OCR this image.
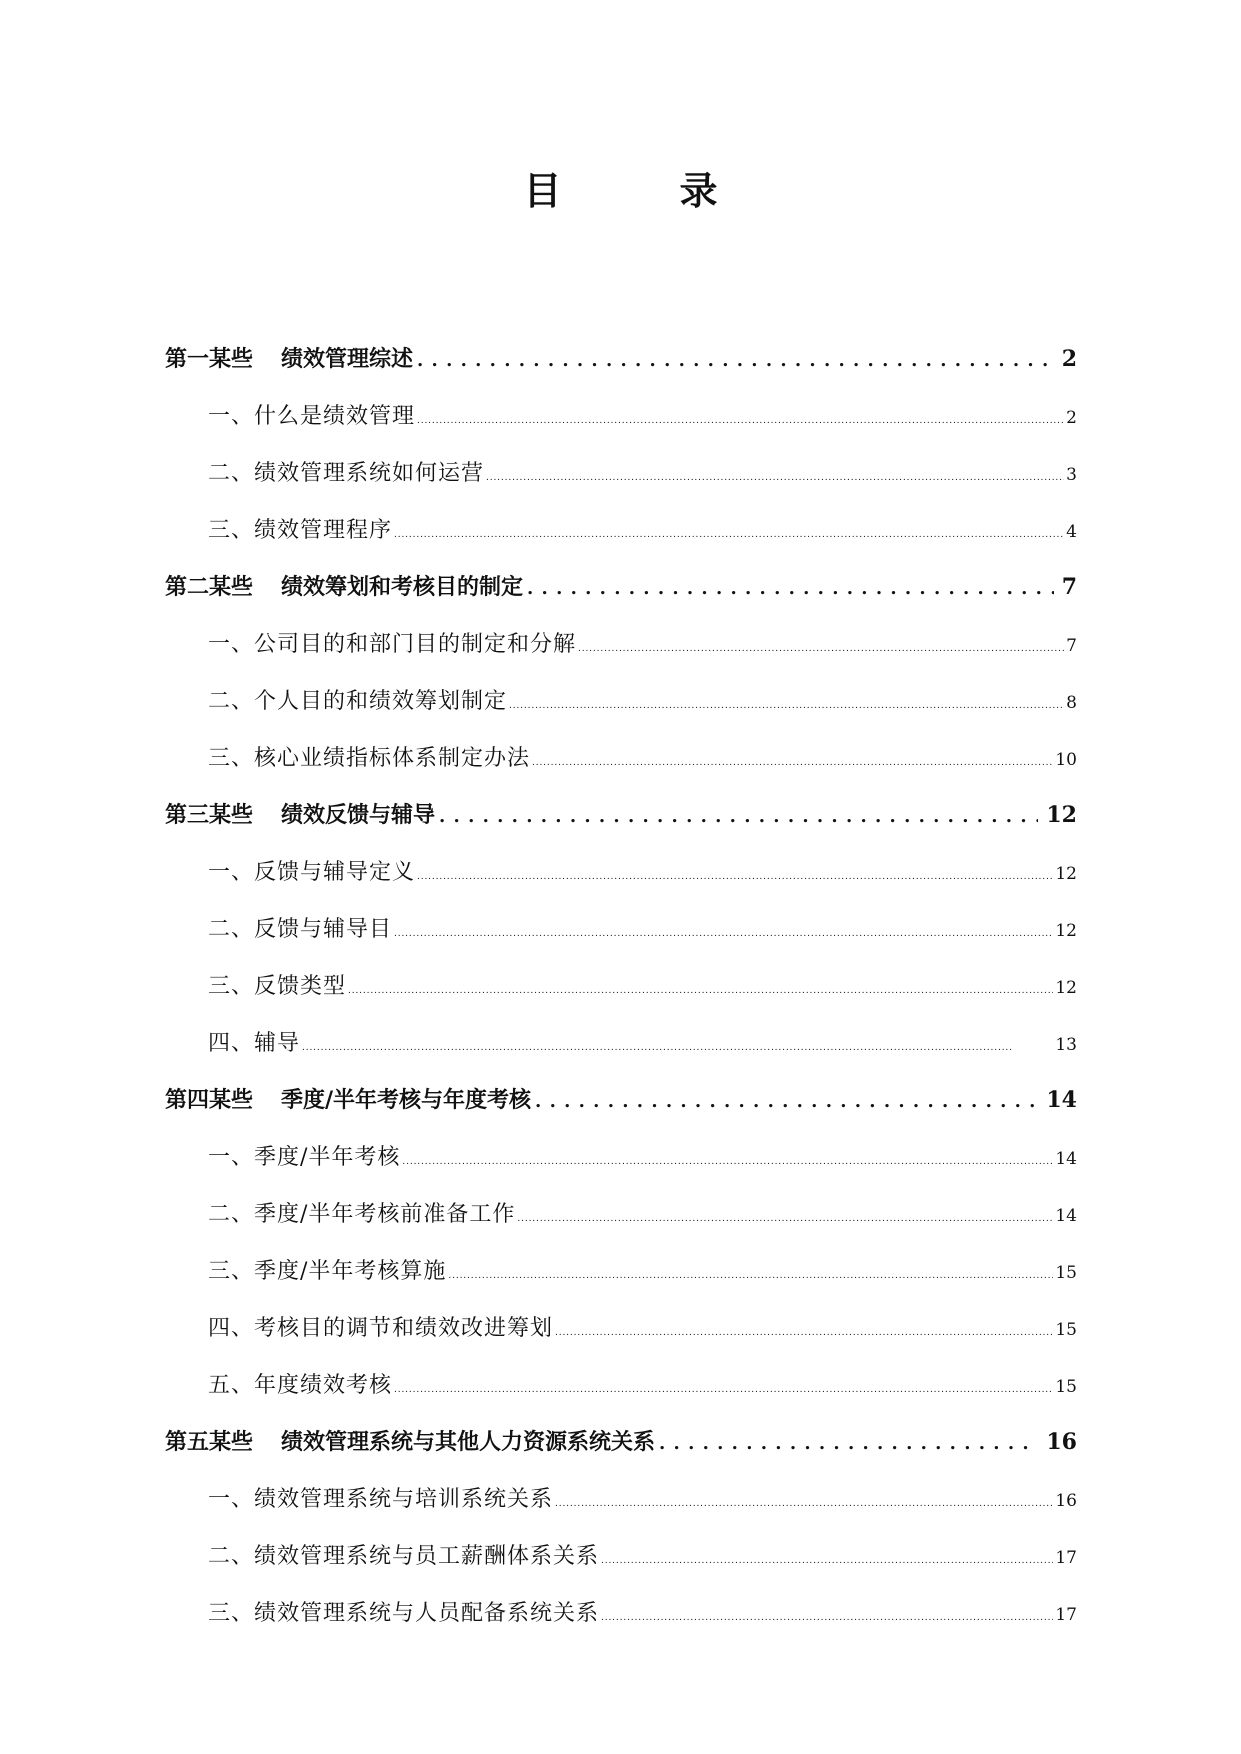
目　录
第一某些 绩效管理综述 . . .	2
一、什么是绩效管理 . . .	2
二、绩效管理系统如何运营 . . .	3
三、绩效管理程序 . . .	4
第二某些 绩效筹划和考核目的制定 . . .	7
一、公司目的和部门目的制定和分解 . . .	7
二、个人目的和绩效筹划制定 . . .	8
三、核心业绩指标体系制定办法 . . .	10
第三某些 绩效反馈与辅导 . . .	12
一、反馈与辅导定义 . . .	12
二、反馈与辅导目 . . .	12
三、反馈类型 . . .	12
四、辅导 . . .	13
第四某些 季度/半年考核与年度考核 . . .	14
一、季度/半年考核 . . .	14
二、季度/半年考核前准备工作 . . .	14
三、季度/半年考核算施 . . .	15
四、考核目的调节和绩效改进筹划 . . .	15
五、年度绩效考核 . . .	15
第五某些 绩效管理系统与其他人力资源系统关系 . . .	16
一、绩效管理系统与培训系统关系 . . .	16
二、绩效管理系统与员工薪酬体系关系 . . .	17
三、绩效管理系统与人员配备系统关系 . . .	17
